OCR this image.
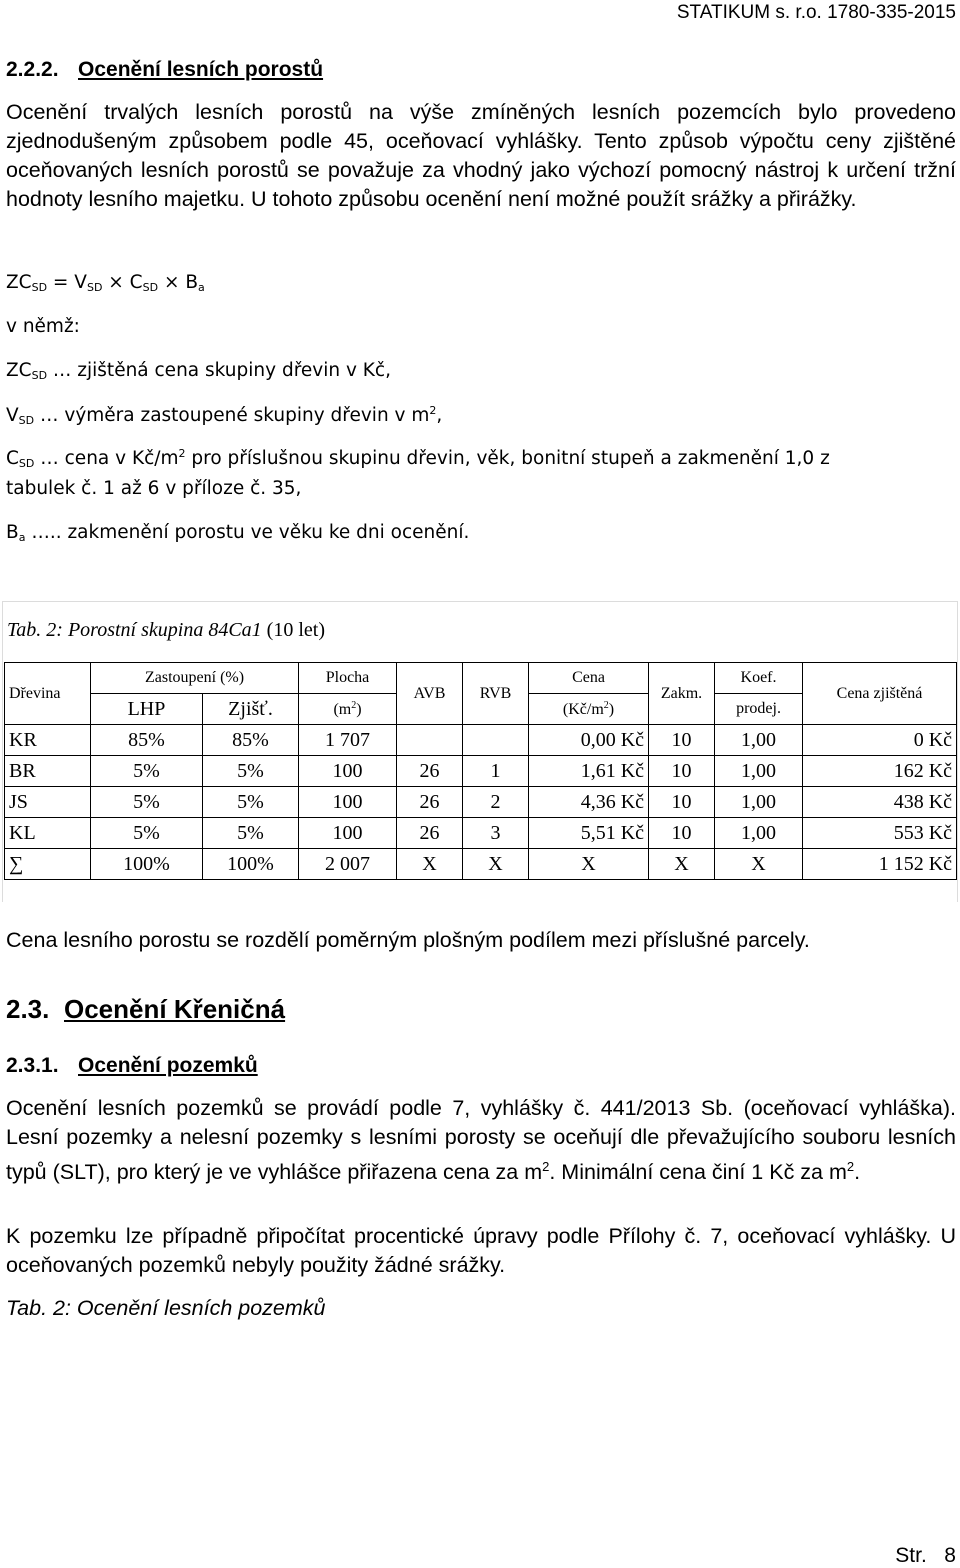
STATIKUM s. r.o. 1780-335-2015
2.2.2. Ocenění lesních porostů
Ocenění trvalých lesních porostů na výše zmíněných lesních pozemcích bylo provedeno zjednodušeným způsobem podle 45, oceňovací vyhlášky. Tento způsob výpočtu ceny zjištěné oceňovaných lesních porostů se považuje za vhodný jako výchozí pomocný nástroj k určení tržní hodnoty lesního majetku. U tohoto způsobu ocenění není možné použít srážky a přirážky.
$ZC_{SD} = V_{SD} \times C_{SD} \times B_a$
v němž:
$ZC_{SD}$ … zjištěná cena skupiny dřevin v Kč,
$V_{SD}$ … výměra zastoupené skupiny dřevin v $m^2$,
$C_{SD}$ … cena v $Kč/m^2$ pro příslušnou skupinu dřevin, věk, bonitní stupeň a zakmenění 1,0 z
tabulek č. 1 až 6 v příloze č. 35,
$B_a$ ….. zakmenění porostu ve věku ke dni ocenění.
Tab. 2: Porostní skupina 84Ca1 (10 let)
Dřevina	Zastoupení (%)		Plocha	AVB	RVB	Cena	Zakm.	Koef.	Cena zjištěná
	LHP	Zjišť.	$(m^2)$			$(Kč/m^2)$		prodej.	
KR	85%	85%	1 707			0,00 Kč	10	1,00	0 Kč
BR	5%	5%	100	26	1	1,61 Kč	10	1,00	162 Kč
JS	5%	5%	100	26	2	4,36 Kč	10	1,00	438 Kč
KL	5%	5%	100	26	3	5,51 Kč	10	1,00	553 Kč
∑	100%	100%	2 007	X	X	X	X	X	1 152 Kč
Cena lesního porostu se rozdělí poměrným plošným podílem mezi příslušné parcely.
2.3. Ocenění Křeničná
2.3.1. Ocenění pozemků
Ocenění lesních pozemků se provádí podle 7, vyhlášky č. 441/2013 Sb. (oceňovací vyhláška). Lesní pozemky a nelesní pozemky s lesními porosty se oceňují dle převažujícího souboru lesních typů (SLT), pro který je ve vyhlášce přiřazena cena za $m^2$. Minimální cena činí 1 Kč za $m^2$.
K pozemku lze případně připočítat procentické úpravy podle Přílohy č. 7, oceňovací vyhlášky. U oceňovaných pozemků nebyly použity žádné srážky.
Tab. 2: Ocenění lesních pozemků
Str.   8
